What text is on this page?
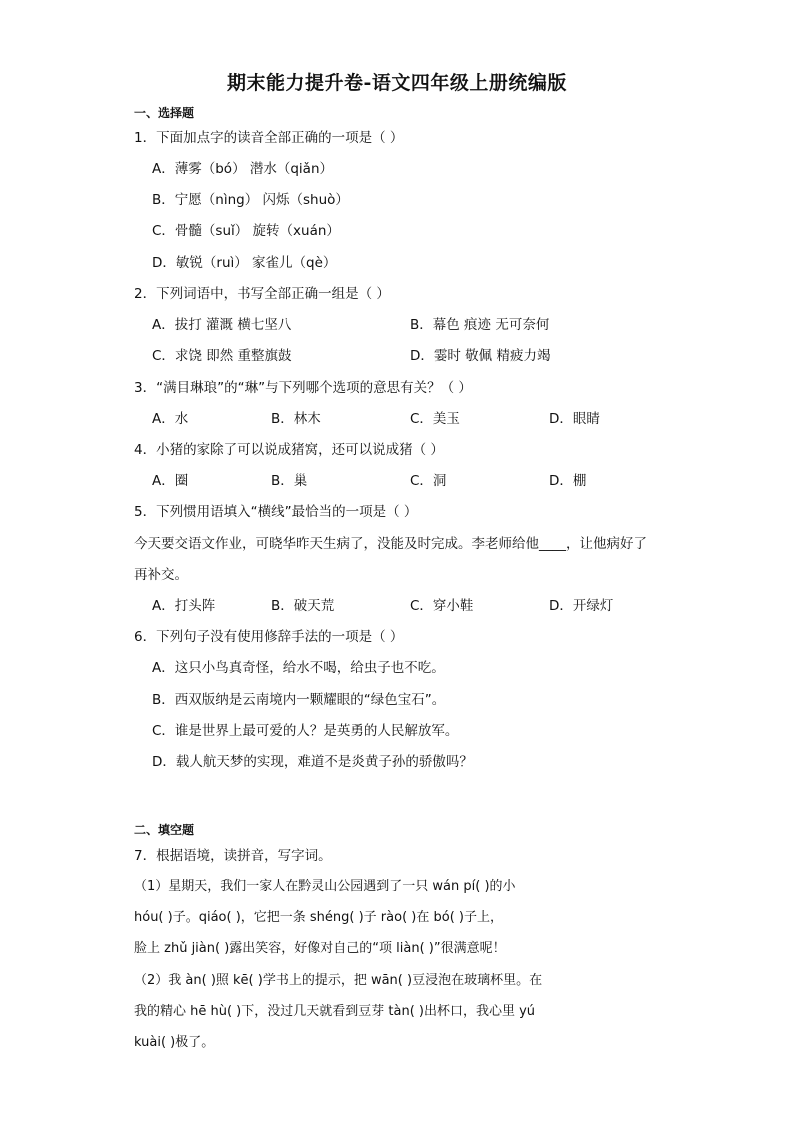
期末能力提升卷-语文四年级上册统编版
一、选择题
1．下面加点字的读音全部正确的一项是（ ）
A．薄雾（bó） 潜水（qiǎn）
B．宁愿（nìng） 闪烁（shuò）
C．骨髓（suǐ） 旋转（xuán）
D．敏锐（ruì） 家雀儿（qè）
2．下列词语中，书写全部正确一组是（ ）
A．拔打 灌溉 横七坚八	B．幕色 痕迹 无可奈何
C．求饶 即然 重整旗鼓	D．霎时 敬佩 精疲力竭
3．“满目琳琅”的“琳”与下列哪个选项的意思有关？（ ）
A．水	B．林木	C．美玉	D．眼睛
4．小猪的家除了可以说成猪窝，还可以说成猪（ ）
A．圈	B．巢	C．洞	D．棚
5．下列惯用语填入“横线”最恰当的一项是（ ）
今天要交语文作业，可晓华昨天生病了，没能及时完成。李老师给他____，让他病好了
再补交。
A．打头阵	B．破天荒	C．穿小鞋	D．开绿灯
6．下列句子没有使用修辞手法的一项是（ ）
A．这只小鸟真奇怪，给水不喝，给虫子也不吃。
B．西双版纳是云南境内一颗耀眼的“绿色宝石”。
C．谁是世界上最可爱的人？是英勇的人民解放军。
D．载人航天梦的实现，难道不是炎黄子孙的骄傲吗？
二、填空题
7．根据语境，读拼音，写字词。
（1）星期天，我们一家人在黔灵山公园遇到了一只 wán pí( )的小
hóu( )子。qiáo( )，它把一条 shéng( )子 rào( )在 bó( )子上，
脸上 zhǔ jiàn( )露出笑容，好像对自己的“项 liàn( )”很满意呢！
（2）我 àn( )照 kē( )学书上的提示，把 wān( )豆浸泡在玻璃杯里。在
我的精心 hē hù( )下，没过几天就看到豆芽 tàn( )出杯口，我心里 yú
kuài( )极了。
